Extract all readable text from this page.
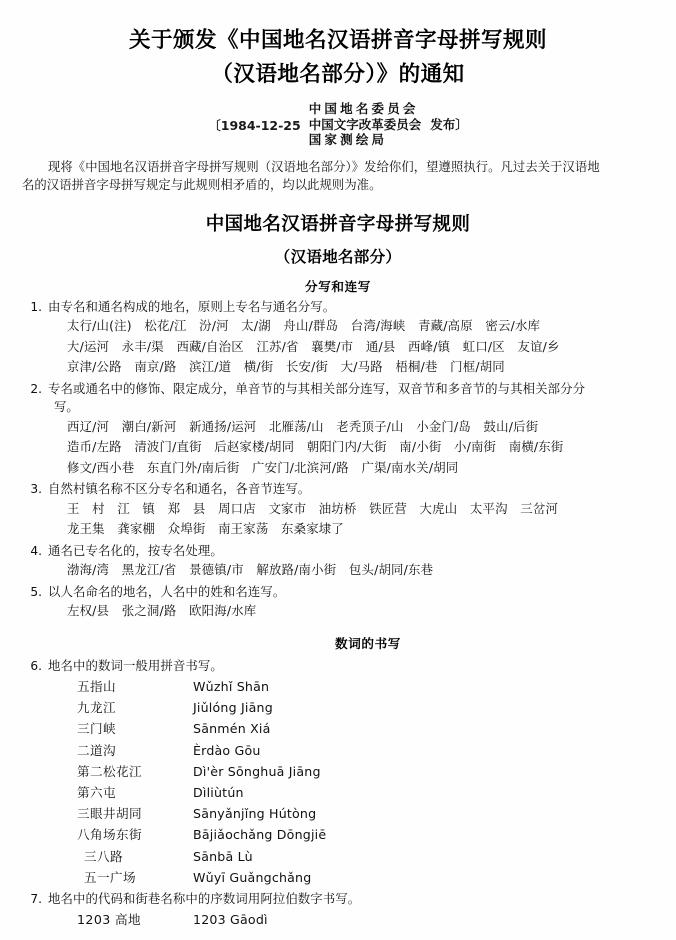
关于颁发《中国地名汉语拼音字母拼写规则
（汉语地名部分）》的通知
〔1984-12-25
中国地名委员会
中国文字改革委员会 发布〕
国家测绘局
现将《中国地名汉语拼音字母拼写规则（汉语地名部分）》发给你们，望遵照执行。凡过去关于汉语地
名的汉语拼音字母拼写规定与此规则相矛盾的，均以此规则为准。
中国地名汉语拼音字母拼写规则
（汉语地名部分）
分写和连写
1. 由专名和通名构成的地名，原则上专名与通名分写。
太行/山(注)　松花/江　汾/河　太/湖　舟山/群岛　台湾/海峡　青藏/高原　密云/水库
大/运河　永丰/渠　西藏/自治区　江苏/省　襄樊/市　通/县　西峰/镇　虹口/区　友谊/乡
京津/公路　南京/路　滨江/道　横/街　长安/街　大/马路　梧桐/巷　门框/胡同
2. 专名或通名中的修饰、限定成分，单音节的与其相关部分连写，双音节和多音节的与其相关部分分
写。
西辽/河　潮白/新河　新通扬/运河　北雁荡/山　老秃顶子/山　小金门/岛　鼓山/后街
造币/左路　清波门/直街　后赵家楼/胡同　朝阳门内/大街　南/小街　小/南街　南横/东街
修文/西小巷　东直门外/南后街　广安门/北滨河/路　广渠/南水关/胡同
3. 自然村镇名称不区分专名和通名，各音节连写。
王　村　江　镇　郑　县　周口店　文家市　油坊桥　铁匠营　大虎山　太平沟　三岔河
龙王集　龚家棚　众埠街　南王家荡　东桑家埭了
4. 通名已专名化的，按专名处理。
渤海/湾　黑龙江/省　景德镇/市　解放路/南小街　包头/胡同/东巷
5. 以人名命名的地名，人名中的姓和名连写。
左权/县　张之洞/路　欧阳海/水库
数词的书写
6. 地名中的数词一般用拼音书写。
五指山	Wǔzhǐ Shān
九龙江	Jiǔlóng Jiāng
三门峡	Sānmén Xiá
二道沟	Èrdào Gōu
第二松花江	Dì'èr Sōnghuā Jiāng
第六屯	Dìliùtún
三眼井胡同	Sānyǎnjǐng Hútòng
八角场东街	Bājiǎochǎng Dōngjiē
三八路	Sānbā Lù
五一广场	Wǔyī Guǎngchǎng
7. 地名中的代码和街巷名称中的序数词用阿拉伯数字书写。
1203 高地	1203 Gāodì
